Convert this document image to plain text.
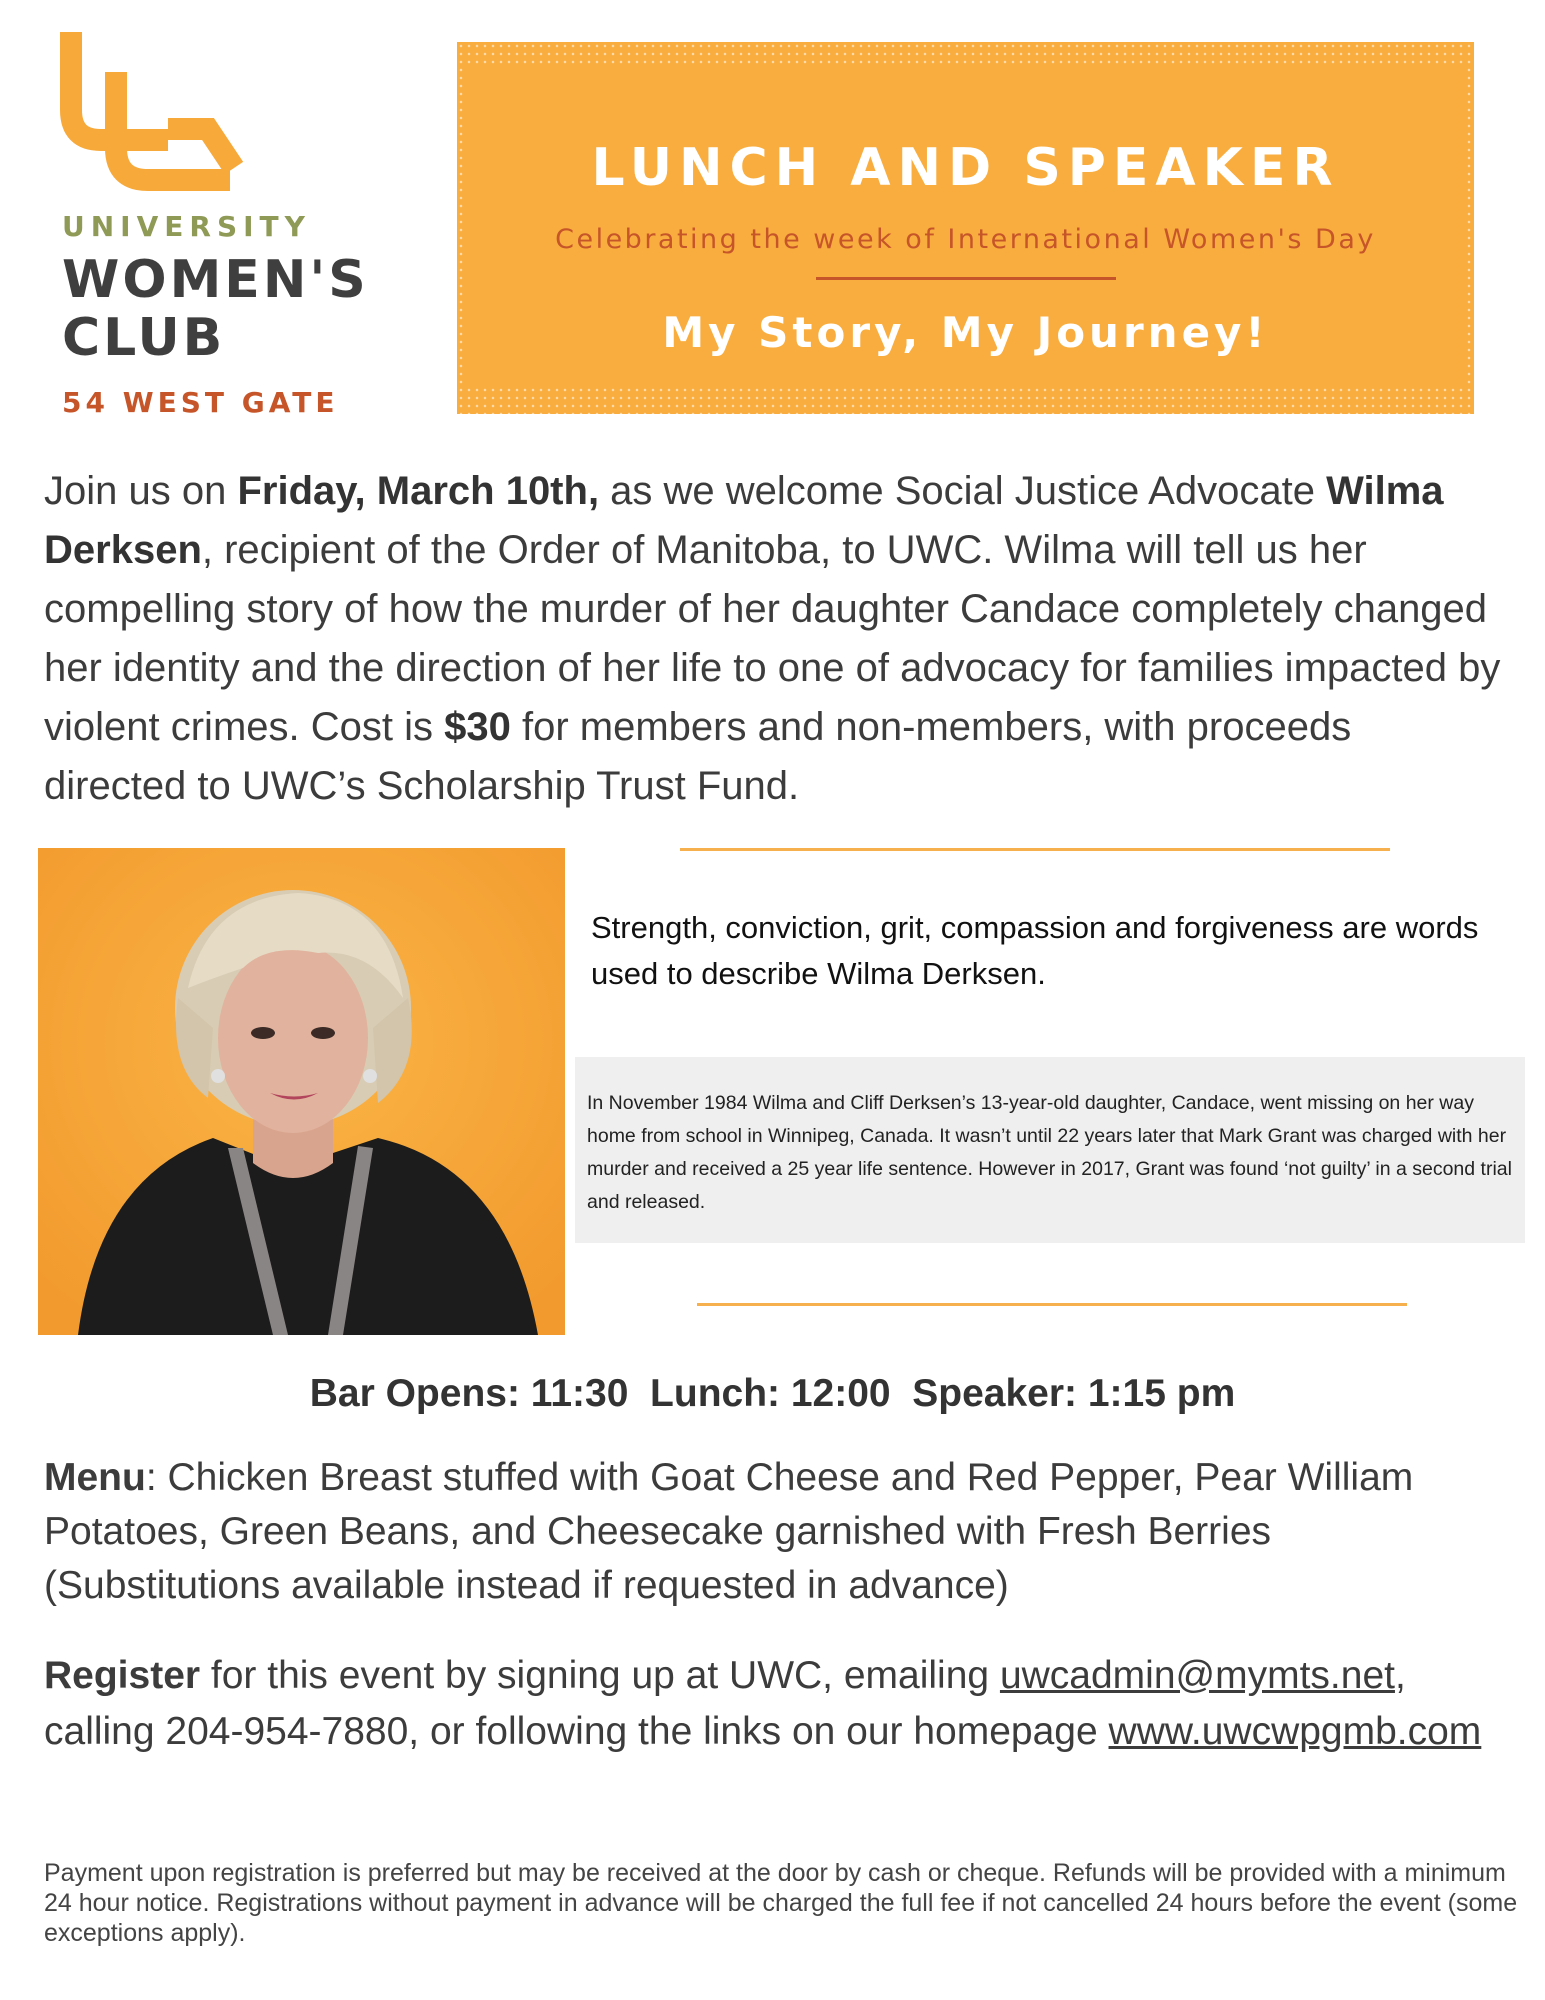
UNIVERSITY

WOMEN'S

CLUB

54 WEST GATE

LUNCH AND SPEAKER

Celebrating the week of International Women's Day

My Story, My Journey!

Join us on Friday, March 10th, as we welcome Social Justice Advocate Wilma Derksen, recipient of the Order of Manitoba, to UWC. Wilma will tell us her compelling story of how the murder of her daughter Candace completely changed her identity and the direction of her life to one of advocacy for families impacted by violent crimes. Cost is $30 for members and non-members, with proceeds directed to UWC’s Scholarship Trust Fund.

Strength, conviction, grit, compassion and forgiveness are words used to describe Wilma Derksen.

In November 1984 Wilma and Cliff Derksen’s 13-year-old daughter, Candace, went missing on her way home from school in Winnipeg, Canada. It wasn’t until 22 years later that Mark Grant was charged with her murder and received a 25 year life sentence. However in 2017, Grant was found ‘not guilty’ in a second trial and released.

Bar Opens: 11:30  Lunch: 12:00  Speaker: 1:15 pm

Menu: Chicken Breast stuffed with Goat Cheese and Red Pepper, Pear William Potatoes, Green Beans, and Cheesecake garnished with Fresh Berries (Substitutions available instead if requested in advance)

Register for this event by signing up at UWC, emailing uwcadmin@mymts.net, calling 204-954-7880, or following the links on our homepage www.uwcwpgmb.com

Payment upon registration is preferred but may be received at the door by cash or cheque. Refunds will be provided with a minimum 24 hour notice. Registrations without payment in advance will be charged the full fee if not cancelled 24 hours before the event (some exceptions apply).
